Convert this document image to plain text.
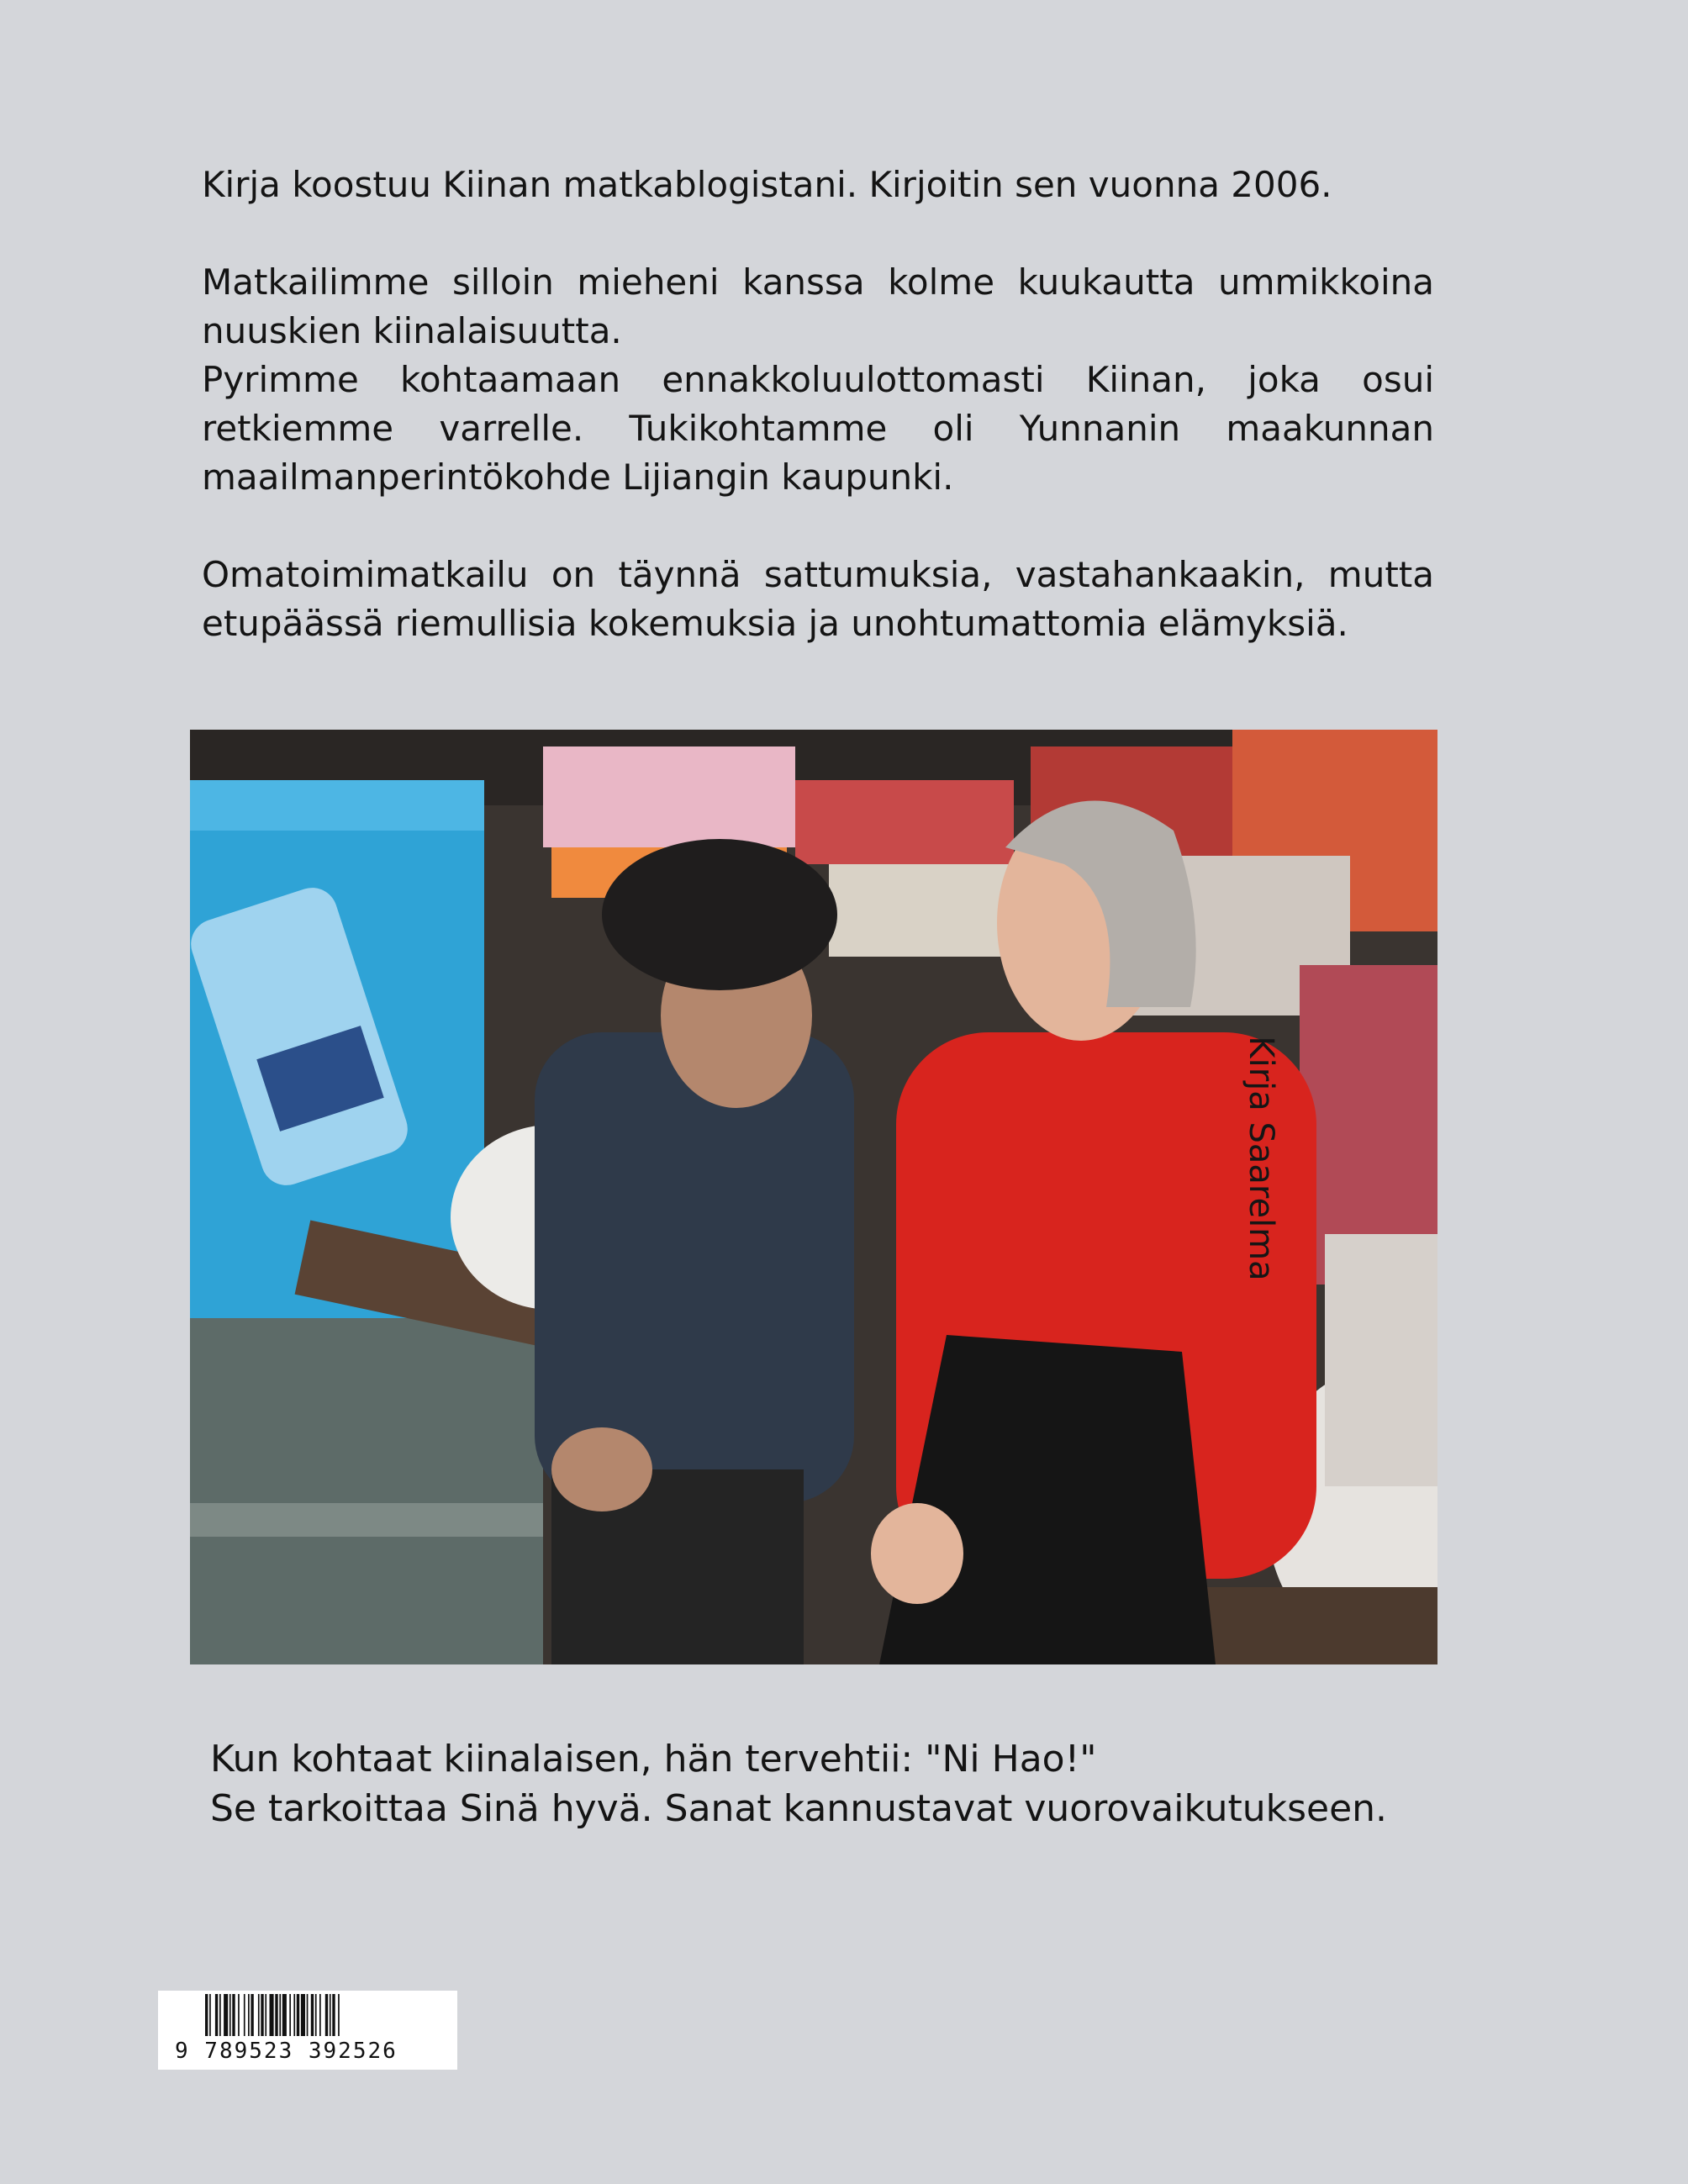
Kirja koostuu Kiinan matkablogistani. Kirjoitin sen vuonna 2006.

Matkailimme silloin mieheni kanssa kolme kuukautta ummikkoina nuuskien kiinalaisuutta.

Pyrimme kohtaamaan ennakkoluulottomasti Kiinan, joka osui retkiemme varrelle. Tukikohtamme oli Yunnanin maakunnan maailmanperintökohde Lijiangin kaupunki.

Omatoimimatkailu on täynnä sattumuksia, vastahankaakin, mutta etupäässä riemullisia kokemuksia ja unohtumattomia elämyksiä.

Kirja Saarelma

Kun kohtaat kiinalaisen, hän tervehtii: "Ni Hao!"

Se tarkoittaa Sinä hyvä. Sanat kannustavat vuorovaikutukseen.

9 789523 392526
